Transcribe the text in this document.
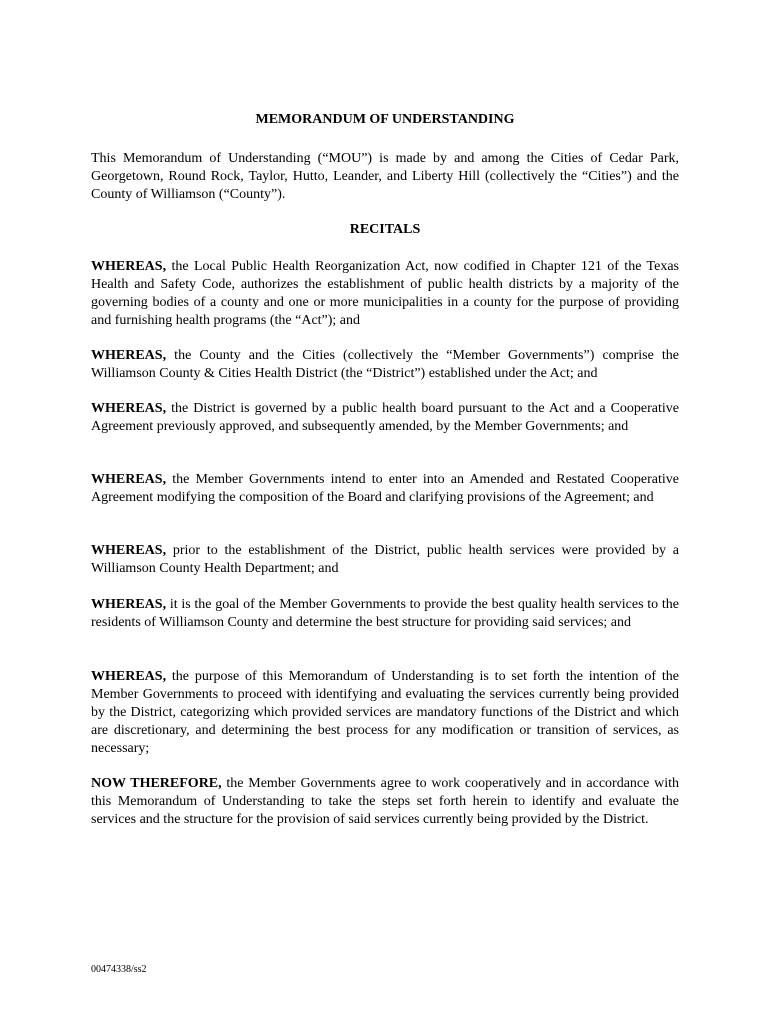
MEMORANDUM OF UNDERSTANDING

This Memorandum of Understanding (“MOU”) is made by and among the Cities of Cedar Park, Georgetown, Round Rock, Taylor, Hutto, Leander, and Liberty Hill (collectively the “Cities”) and the County of Williamson (“County”).

RECITALS

WHEREAS, the Local Public Health Reorganization Act, now codified in Chapter 121 of the Texas Health and Safety Code, authorizes the establishment of public health districts by a majority of the governing bodies of a county and one or more municipalities in a county for the purpose of providing and furnishing health programs (the “Act”); and

WHEREAS, the County and the Cities (collectively the “Member Governments”) comprise the Williamson County & Cities Health District (the “District”) established under the Act; and

WHEREAS, the District is governed by a public health board pursuant to the Act and a Cooperative Agreement previously approved, and subsequently amended, by the Member Governments; and

WHEREAS, the Member Governments intend to enter into an Amended and Restated Cooperative Agreement modifying the composition of the Board and clarifying provisions of the Agreement; and

WHEREAS, prior to the establishment of the District, public health services were provided by a Williamson County Health Department; and

WHEREAS, it is the goal of the Member Governments to provide the best quality health services to the residents of Williamson County and determine the best structure for providing said services; and

WHEREAS, the purpose of this Memorandum of Understanding is to set forth the intention of the Member Governments to proceed with identifying and evaluating the services currently being provided by the District, categorizing which provided services are mandatory functions of the District and which are discretionary, and determining the best process for any modification or transition of services, as necessary;

NOW THEREFORE, the Member Governments agree to work cooperatively and in accordance with this Memorandum of Understanding to take the steps set forth herein to identify and evaluate the services and the structure for the provision of said services currently being provided by the District.

00474338/ss2
